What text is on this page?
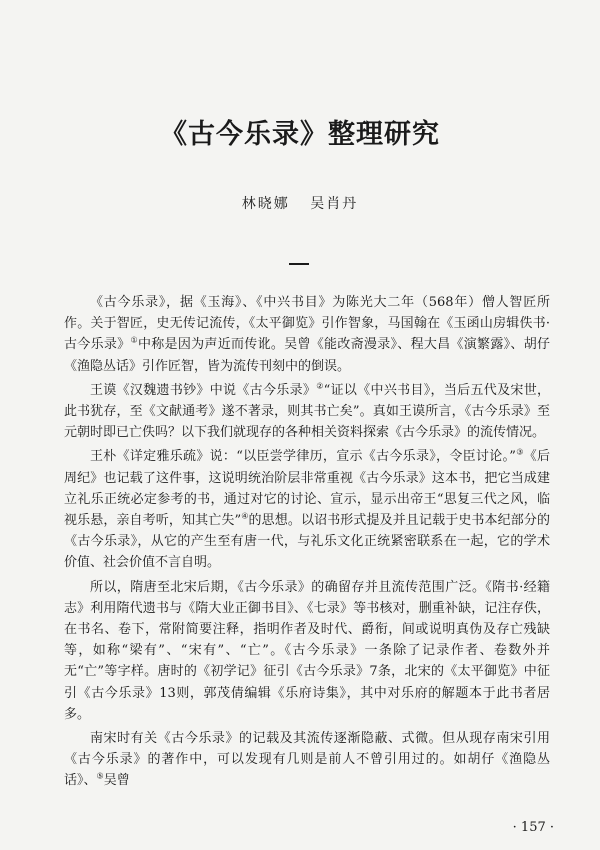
《古今乐录》整理研究
林晓娜 吴肖丹

《古今乐录》，据《玉海》、《中兴书目》为陈光大二年（568年）僧人智匠所作。关于智匠，史无传记流传，《太平御览》引作智象，马国翰在《玉函山房辑佚书·古今乐录》①中称是因为声近而传讹。吴曾《能改斋漫录》、程大昌《演繁露》、胡仔《渔隐丛话》引作匠智，皆为流传刊刻中的倒误。

王谟《汉魏遗书钞》中说《古今乐录》②“证以《中兴书目》，当后五代及宋世，此书犹存，至《文献通考》遂不著录，则其书亡矣”。真如王谟所言，《古今乐录》至元朝时即已亡佚吗？以下我们就现存的各种相关资料探索《古今乐录》的流传情况。

王朴《详定雅乐疏》说：“以臣尝学律历，宣示《古今乐录》，令臣讨论。”③《后周纪》也记载了这件事，这说明统治阶层非常重视《古今乐录》这本书，把它当成建立礼乐正统必定参考的书，通过对它的讨论、宣示，显示出帝王“思复三代之风，临视乐悬，亲自考听，知其亡失”④的思想。以诏书形式提及并且记载于史书本纪部分的《古今乐录》，从它的产生至有唐一代，与礼乐文化正统紧密联系在一起，它的学术价值、社会价值不言自明。

所以，隋唐至北宋后期，《古今乐录》的确留存并且流传范围广泛。《隋书·经籍志》利用隋代遗书与《隋大业正御书目》、《七录》等书核对，删重补缺，记注存佚，在书名、卷下，常附简要注释，指明作者及时代、爵衔，间或说明真伪及存亡残缺等，如称“梁有”、“宋有”、“亡”。《古今乐录》一条除了记录作者、卷数外并无“亡”等字样。唐时的《初学记》征引《古今乐录》7条，北宋的《太平御览》中征引《古今乐录》13则，郭茂倩编辑《乐府诗集》，其中对乐府的解题本于此书者居多。

南宋时有关《古今乐录》的记载及其流传逐渐隐蔽、式微。但从现存南宋引用《古今乐录》的著作中，可以发现有几则是前人不曾引用过的。如胡仔《渔隐丛话》、⑤吴曾

· 157 ·
